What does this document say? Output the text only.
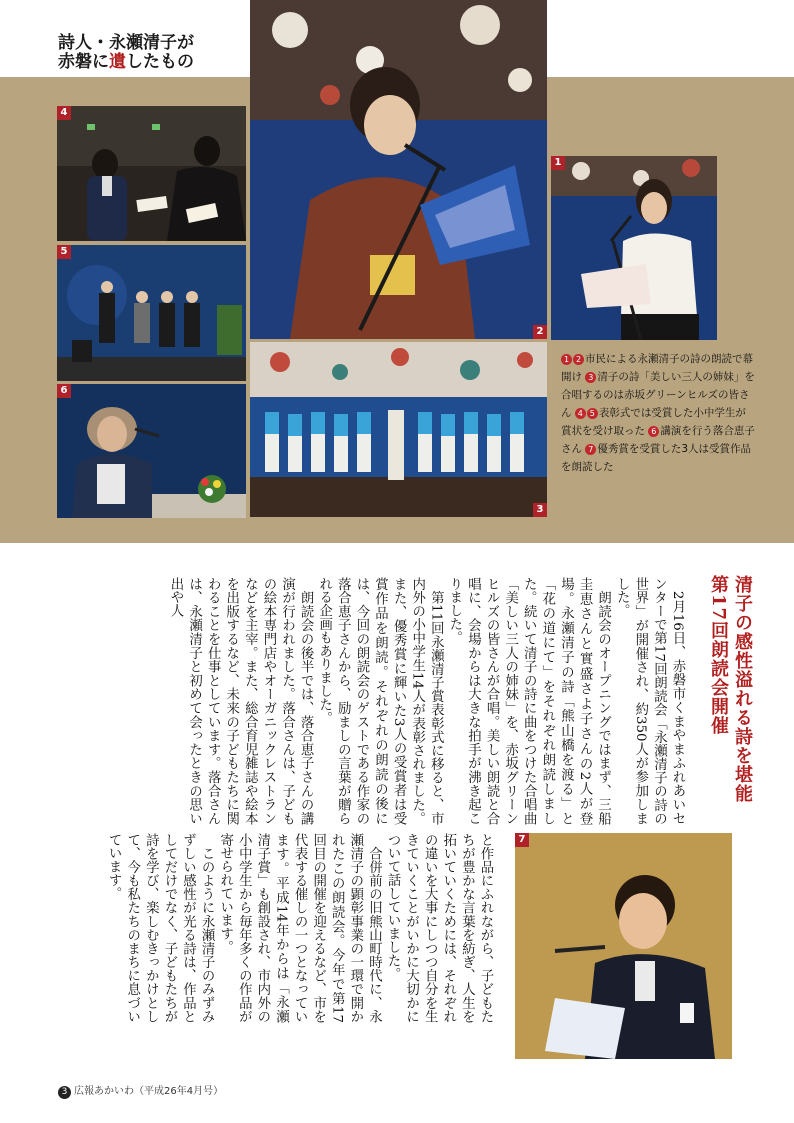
詩人・永瀬清子が
赤磐に遺したもの
4
5
6
2
3
1
1 2 市民による永瀬清子の詩の朗読で幕開け 3 清子の詩「美しい三人の姉妹」を合唱するのは赤坂グリーンヒルズの皆さん 4 5 表彰式では受賞した小中学生が賞状を受け取った 6 講演を行う落合恵子さん 7 優秀賞を受賞した3人は受賞作品を朗読した
清子の感性溢れる詩を堪能 第17回朗読会開催
　2月16日、赤磐市くまやまふれあいセンターで第17回朗読会「永瀬清子の詩の世界」が開催され、約350人が参加しました。
　朗読会のオープニングではまず、三船圭恵さんと實盛さよ子さんの2人が登場。永瀬清子の詩「熊山橋を渡る」と「花の道にて」をそれぞれ朗読しました。続いて清子の詩に曲をつけた合唱曲「美しい三人の姉妹」を、赤坂グリーンヒルズの皆さんが合唱。美しい朗読と合唱に、会場からは大きな拍手が沸き起こりました。
　第11回永瀬清子賞表彰式に移ると、市内外の小中学生14人が表彰されました。また、優秀賞に輝いた3人の受賞者は受賞作品を朗読。それぞれの朗読の後には、今回の朗読会のゲストである作家の落合恵子さんから、励ましの言葉が贈られる企画もありました。
　朗読会の後半では、落合恵子さんの講演が行われました。落合さんは、子どもの絵本専門店やオーガニックレストランなどを主宰。また、総合育児雑誌や絵本を出版するなど、未来の子どもたちに関わることを仕事としています。落合さんは、永瀬清子と初めて会ったときの思い出や人
7
と作品にふれながら、子どもたちが豊かな言葉を紡ぎ、人生を拓いていくためには、それぞれの違いを大事にしつつ自分を生きていくことがいかに大切かについて話していました。
　合併前の旧熊山町時代に、永瀬清子の顕彰事業の一環で開かれたこの朗読会。今年で第17回目の開催を迎えるなど、市を代表する催しの一つとなっています。平成14年からは「永瀬清子賞」も創設され、市内外の小中学生から毎年多くの作品が寄せられています。
　このように永瀬清子のみずみずしい感性が光る詩は、作品としてだけでなく、子どもたちが詩を学び、楽しむきっかけとして、今も私たちのまちに息づいています。
3 広報あかいわ（平成26年4月号）
